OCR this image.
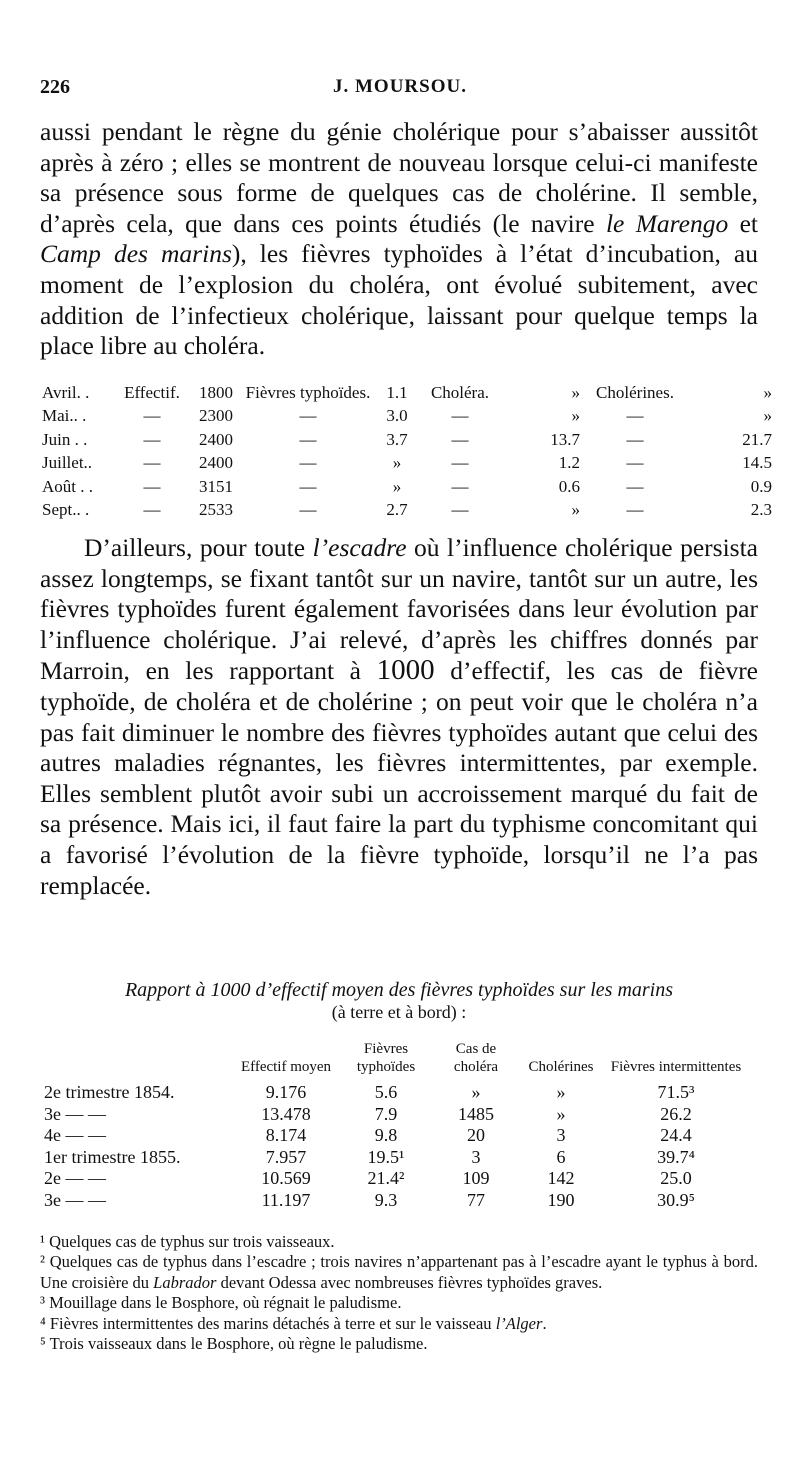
226	J. MOURSOU.

aussi pendant le règne du génie cholérique pour s’abaisser aussitôt après à zéro ; elles se montrent de nouveau lorsque celui-ci manifeste sa présence sous forme de quelques cas de cholérine. Il semble, d’après cela, que dans ces points étudiés (le navire le Marengo et Camp des marins), les fièvres typhoïdes à l’état d’incubation, au moment de l’explosion du choléra, ont évolué subitement, avec addition de l’infectieux cholérique, laissant pour quelque temps la place libre au choléra.

Avril. .	Effectif.	1800	Fièvres typhoïdes.	1.1	Choléra.	»	Cholérines.	»
Mai.. .	—	2300	—	3.0	—	»	—	»
Juin . .	—	2400	—	3.7	—	13.7	—	21.7
Juillet..	—	2400	—	»	—	1.2	—	14.5
Août . .	—	3151	—	»	—	0.6	—	0.9
Sept.. .	—	2533	—	2.7	—	»	—	2.3

D’ailleurs, pour toute l’escadre où l’influence cholérique persista assez longtemps, se fixant tantôt sur un navire, tantôt sur un autre, les fièvres typhoïdes furent également favorisées dans leur évolution par l’influence cholérique. J’ai relevé, d’après les chiffres donnés par Marroin, en les rapportant à 1000 d’effectif, les cas de fièvre typhoïde, de choléra et de cholérine ; on peut voir que le choléra n’a pas fait diminuer le nombre des fièvres typhoïdes autant que celui des autres maladies régnantes, les fièvres intermittentes, par exemple. Elles semblent plutôt avoir subi un accroissement marqué du fait de sa présence. Mais ici, il faut faire la part du typhisme concomitant qui a favorisé l’évolution de la fièvre typhoïde, lorsqu’il ne l’a pas remplacée.

Rapport à 1000 d’effectif moyen des fièvres typhoïdes sur les marins
(à terre et à bord) :
	Effectif moyen	Fièvres typhoïdes	Cas de choléra	Cholérines	Fièvres intermittentes
2e trimestre 1854.	9.176	5.6	»	»	71.5³
3e — —	13.478	7.9	1485	»	26.2
4e — —	8.174	9.8	20	3	24.4
1er trimestre 1855.	7.957	19.5¹	3	6	39.7⁴
2e — —	10.569	21.4²	109	142	25.0
3e — —	11.197	9.3	77	190	30.9⁵

¹ Quelques cas de typhus sur trois vaisseaux.

² Quelques cas de typhus dans l’escadre ; trois navires n’appartenant pas à l’escadre ayant le typhus à bord. Une croisière du Labrador devant Odessa avec nombreuses fièvres typhoïdes graves.

³ Mouillage dans le Bosphore, où régnait le paludisme.

⁴ Fièvres intermittentes des marins détachés à terre et sur le vaisseau l’Alger.

⁵ Trois vaisseaux dans le Bosphore, où règne le paludisme.
